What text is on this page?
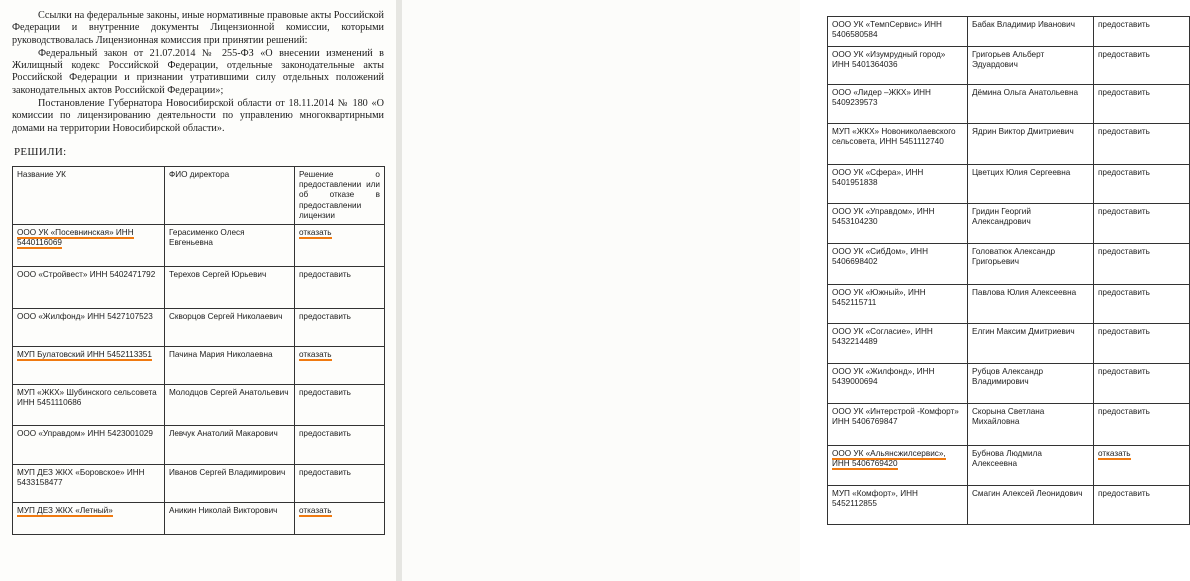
Ссылки на федеральные законы, иные нормативные правовые акты Российской Федерации и внутренние документы Лицензионной комиссии, которыми руководствовалась Лицензионная комиссия при принятии решений:

Федеральный закон от 21.07.2014 № 255-ФЗ «О внесении изменений в Жилищный кодекс Российской Федерации, отдельные законодательные акты Российской Федерации и признании утратившими силу отдельных положений законодательных актов Российской Федерации»;

Постановление Губернатора Новосибирской области от 18.11.2014 № 180 «О комиссии по лицензированию деятельности по управлению многоквартирными домами на территории Новосибирской области».

РЕШИЛИ:
Название УК	ФИО директора	Решение о предоставлении или об отказе в предоставлении лицензии
ООО УК «Посевнинская» ИНН 5440116069	Герасименко Олеся Евгеньевна	отказать
ООО «Стройвест» ИНН 5402471792	Терехов Сергей Юрьевич	предоставить
ООО «Жилфонд» ИНН 5427107523	Скворцов Сергей Николаевич	предоставить
МУП Булатовский ИНН 5452113351	Пачина Мария Николаевна	отказать
МУП «ЖКХ» Шубинского сельсовета ИНН 5451110686	Молодцов Сергей Анатольевич	предоставить
ООО «Управдом» ИНН 5423001029	Левчук Анатолий Макарович	предоставить
МУП ДЕЗ ЖКХ «Боровское» ИНН 5433158477	Иванов Сергей Владимирович	предоставить
МУП ДЕЗ ЖКХ «Летный»	Аникин Николай Викторович	отказать
ООО УК «ТемпСервис» ИНН 5406580584	Бабак Владимир Иванович	предоставить
ООО УК «Изумрудный город» ИНН 5401364036	Григорьев Альберт Эдуардович	предоставить
ООО «Лидер –ЖКХ» ИНН 5409239573	Дёмина Ольга Анатольевна	предоставить
МУП «ЖКХ» Новониколаевского сельсовета, ИНН 5451112740	Ядрин Виктор Дмитриевич	предоставить
ООО УК «Сфера», ИНН 5401951838	Цветцих Юлия Сергеевна	предоставить
ООО УК «Управдом», ИНН 5453104230	Гридин Георгий Александрович	предоставить
ООО УК «СибДом», ИНН 5406698402	Головатюк Александр Григорьевич	предоставить
ООО УК «Южный», ИНН 5452115711	Павлова Юлия Алексеевна	предоставить
ООО УК «Согласие», ИНН 5432214489	Елгин Максим Дмитриевич	предоставить
ООО УК «Жилфонд», ИНН 5439000694	Рубцов Александр Владимирович	предоставить
ООО УК «Интерстрой -Комфорт» ИНН 5406769847	Скорына Светлана Михайловна	предоставить
ООО УК «Альянсжилсервис», ИНН 5406769420	Бубнова Людмила Алексеевна	отказать
МУП «Комфорт», ИНН 5452112855	Смагин Алексей Леонидович	предоставить
